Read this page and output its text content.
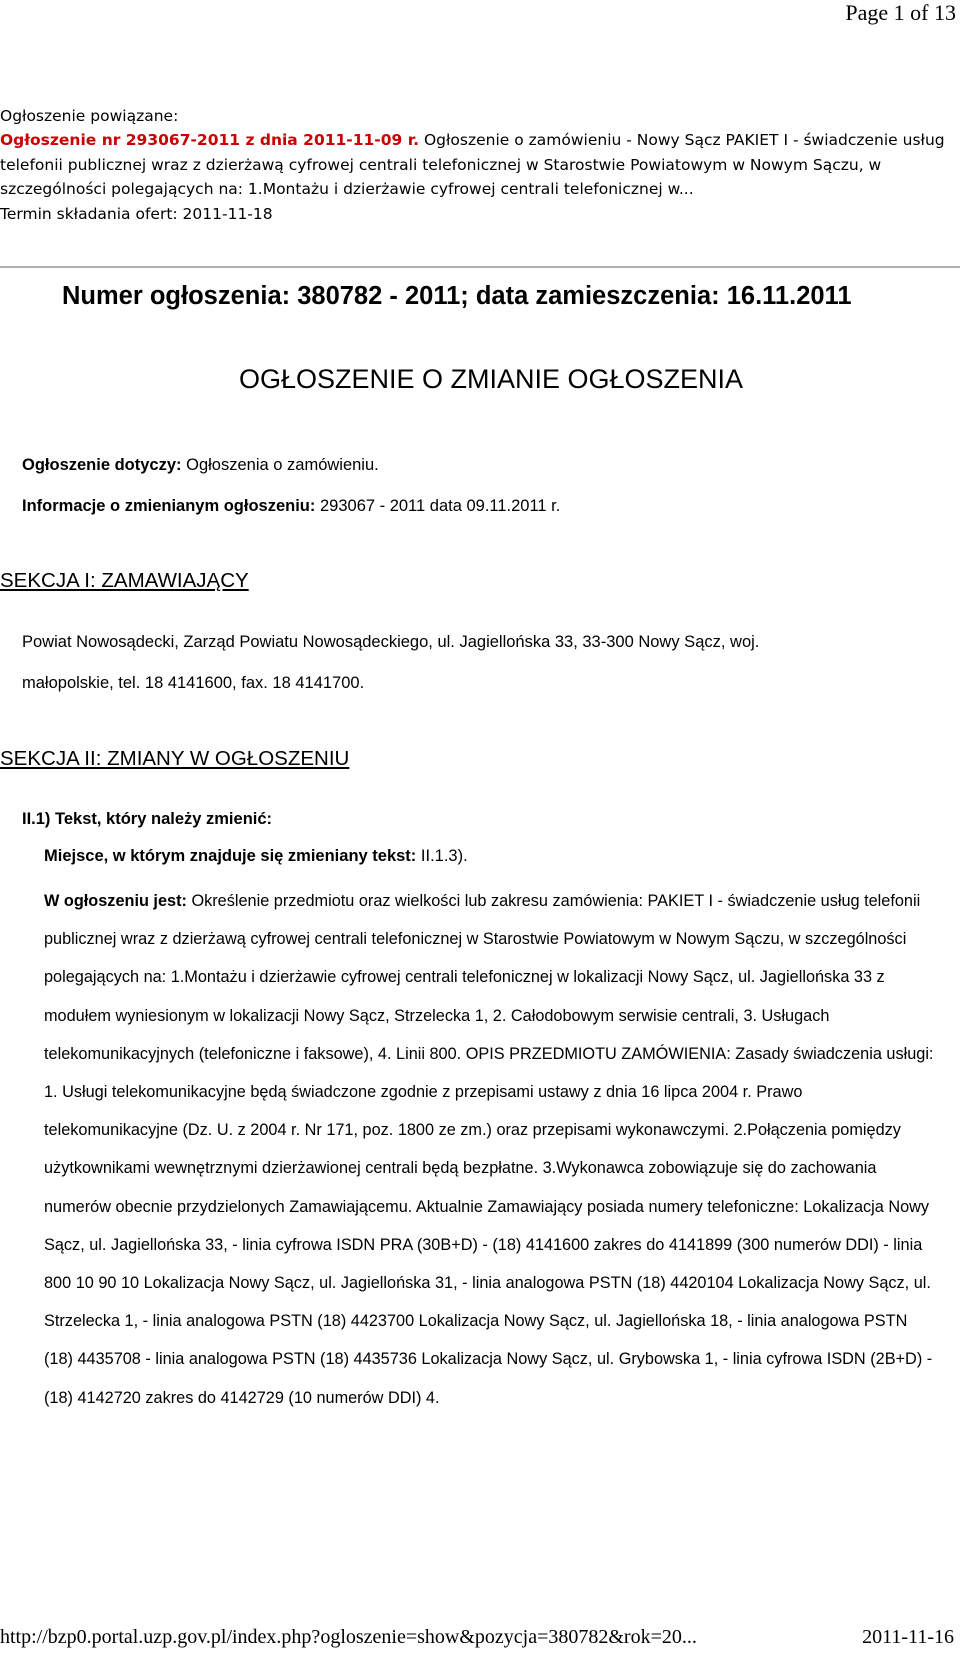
Page 1 of 13
Ogłoszenie powiązane:
Ogłoszenie nr 293067-2011 z dnia 2011-11-09 r. Ogłoszenie o zamówieniu - Nowy Sącz PAKIET I - świadczenie usług telefonii publicznej wraz z dzierżawą cyfrowej centrali telefonicznej w Starostwie Powiatowym w Nowym Sączu, w szczególności polegających na: 1.Montażu i dzierżawie cyfrowej centrali telefonicznej w...
Termin składania ofert: 2011-11-18
Numer ogłoszenia: 380782 - 2011; data zamieszczenia: 16.11.2011
OGŁOSZENIE O ZMIANIE OGŁOSZENIA
Ogłoszenie dotyczy: Ogłoszenia o zamówieniu.
Informacje o zmienianym ogłoszeniu: 293067 - 2011 data 09.11.2011 r.
SEKCJA I: ZAMAWIAJĄCY
Powiat Nowosądecki, Zarząd Powiatu Nowosądeckiego, ul. Jagiellońska 33, 33-300 Nowy Sącz, woj.
małopolskie, tel. 18 4141600, fax. 18 4141700.
SEKCJA II: ZMIANY W OGŁOSZENIU
II.1) Tekst, który należy zmienić:
Miejsce, w którym znajduje się zmieniany tekst: II.1.3).
W ogłoszeniu jest: Określenie przedmiotu oraz wielkości lub zakresu zamówienia: PAKIET I - świadczenie usług telefonii publicznej wraz z dzierżawą cyfrowej centrali telefonicznej w Starostwie Powiatowym w Nowym Sączu, w szczególności polegających na: 1.Montażu i dzierżawie cyfrowej centrali telefonicznej w lokalizacji Nowy Sącz, ul. Jagiellońska 33 z modułem wyniesionym w lokalizacji Nowy Sącz, Strzelecka 1, 2. Całodobowym serwisie centrali, 3. Usługach telekomunikacyjnych (telefoniczne i faksowe), 4. Linii 800. OPIS PRZEDMIOTU ZAMÓWIENIA: Zasady świadczenia usługi: 1. Usługi telekomunikacyjne będą świadczone zgodnie z przepisami ustawy z dnia 16 lipca 2004 r. Prawo telekomunikacyjne (Dz. U. z 2004 r. Nr 171, poz. 1800 ze zm.) oraz przepisami wykonawczymi. 2.Połączenia pomiędzy użytkownikami wewnętrznymi dzierżawionej centrali będą bezpłatne. 3.Wykonawca zobowiązuje się do zachowania numerów obecnie przydzielonych Zamawiającemu. Aktualnie Zamawiający posiada numery telefoniczne: Lokalizacja Nowy Sącz, ul. Jagiellońska 33, - linia cyfrowa ISDN PRA (30B+D) - (18) 4141600 zakres do 4141899 (300 numerów DDI) - linia 800 10 90 10 Lokalizacja Nowy Sącz, ul. Jagiellońska 31, - linia analogowa PSTN (18) 4420104 Lokalizacja Nowy Sącz, ul. Strzelecka 1, - linia analogowa PSTN (18) 4423700 Lokalizacja Nowy Sącz, ul. Jagiellońska 18, - linia analogowa PSTN (18) 4435708 - linia analogowa PSTN (18) 4435736 Lokalizacja Nowy Sącz, ul. Grybowska 1, - linia cyfrowa ISDN (2B+D) - (18) 4142720 zakres do 4142729 (10 numerów DDI) 4.
http://bzp0.portal.uzp.gov.pl/index.php?ogloszenie=show&pozycja=380782&rok=20...	2011-11-16
